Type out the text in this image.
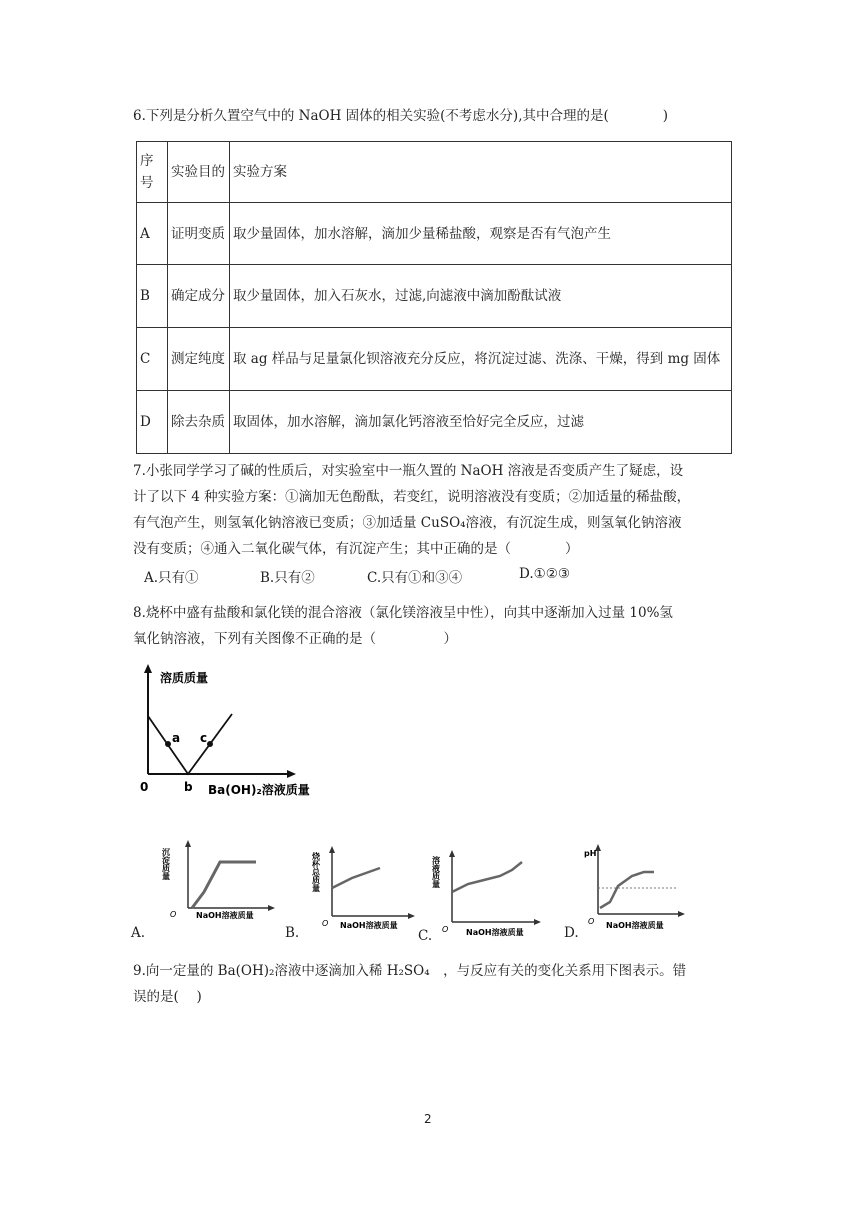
6.下列是分析久置空气中的 NaOH 固体的相关实验(不考虑水分),其中合理的是(　　　　)
序号	实验目的	实验方案
A	证明变质	取少量固体，加水溶解，滴加少量稀盐酸，观察是否有气泡产生
B	确定成分	取少量固体，加入石灰水，过滤,向滤液中滴加酚酞试液
C	测定纯度	取 ag 样品与足量氯化钡溶液充分反应，将沉淀过滤、洗涤、干燥，得到 mg 固体
D	除去杂质	取固体，加水溶解，滴加氯化钙溶液至恰好完全反应，过滤
7.小张同学学习了碱的性质后，对实验室中一瓶久置的 NaOH 溶液是否变质产生了疑虑，设
计了以下 4 种实验方案：①滴加无色酚酞，若变红，说明溶液没有变质；②加适量的稀盐酸，
有气泡产生，则氢氧化钠溶液已变质；③加适量 CuSO₄溶液，有沉淀生成，则氢氧化钠溶液
没有变质；④通入二氧化碳气体，有沉淀产生；其中正确的是（　　　　）
A.只有①	B.只有②	C.只有①和③④	D.①②③
8.烧杯中盛有盐酸和氯化镁的混合溶液（氯化镁溶液呈中性），向其中逐渐加入过量 10%氢
氧化钠溶液，下列有关图像不正确的是（　　　　　）
溶质质量
a c
b
0	Ba(OH)₂溶液质量
沉淀质量
O NaOH溶液质量
A.
烧杯总质量
O NaOH溶液质量
B.
溶液质量
O NaOH溶液质量
C.
pH
O NaOH溶液质量
D.
9.向一定量的 Ba(OH)₂溶液中逐滴加入稀 H₂SO₄　，与反应有关的变化关系用下图表示。错
误的是(　 )
2
